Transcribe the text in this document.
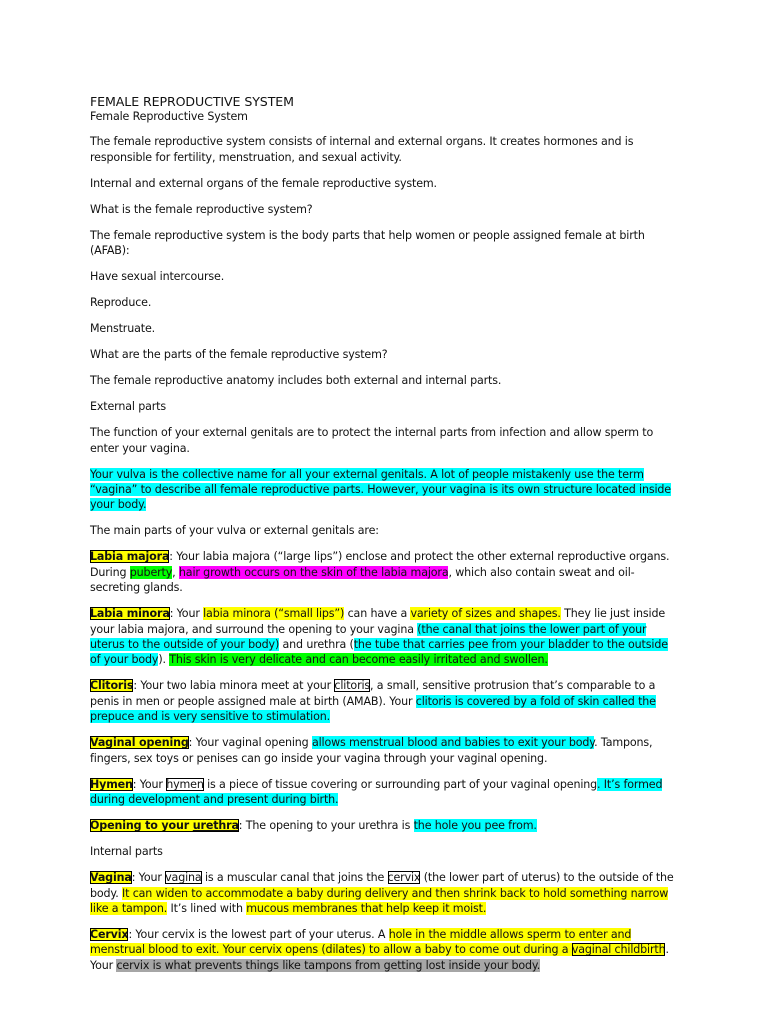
FEMALE REPRODUCTIVE SYSTEM
Female Reproductive System

The female reproductive system consists of internal and external organs. It creates hormones and is responsible for fertility, menstruation, and sexual activity.

Internal and external organs of the female reproductive system.

What is the female reproductive system?

The female reproductive system is the body parts that help women or people assigned female at birth (AFAB):

Have sexual intercourse.

Reproduce.

Menstruate.

What are the parts of the female reproductive system?

The female reproductive anatomy includes both external and internal parts.

External parts

The function of your external genitals are to protect the internal parts from infection and allow sperm to enter your vagina.

Your vulva is the collective name for all your external genitals. A lot of people mistakenly use the term “vagina” to describe all female reproductive parts. However, your vagina is its own structure located inside your body.

The main parts of your vulva or external genitals are:

Labia majora: Your labia majora (“large lips”) enclose and protect the other external reproductive organs. During puberty, hair growth occurs on the skin of the labia majora, which also contain sweat and oil-secreting glands.

Labia minora: Your labia minora (“small lips”) can have a variety of sizes and shapes. They lie just inside your labia majora, and surround the opening to your vagina (the canal that joins the lower part of your uterus to the outside of your body) and urethra (the tube that carries pee from your bladder to the outside of your body). This skin is very delicate and can become easily irritated and swollen.

Clitoris: Your two labia minora meet at your clitoris, a small, sensitive protrusion that’s comparable to a penis in men or people assigned male at birth (AMAB). Your clitoris is covered by a fold of skin called the prepuce and is very sensitive to stimulation.

Vaginal opening: Your vaginal opening allows menstrual blood and babies to exit your body. Tampons, fingers, sex toys or penises can go inside your vagina through your vaginal opening.

Hymen: Your hymen is a piece of tissue covering or surrounding part of your vaginal opening. It’s formed during development and present during birth.

Opening to your urethra: The opening to your urethra is the hole you pee from.

Internal parts

Vagina: Your vagina is a muscular canal that joins the cervix (the lower part of uterus) to the outside of the body. It can widen to accommodate a baby during delivery and then shrink back to hold something narrow like a tampon. It’s lined with mucous membranes that help keep it moist.

Cervix: Your cervix is the lowest part of your uterus. A hole in the middle allows sperm to enter and menstrual blood to exit. Your cervix opens (dilates) to allow a baby to come out during a vaginal childbirth. Your cervix is what prevents things like tampons from getting lost inside your body.
